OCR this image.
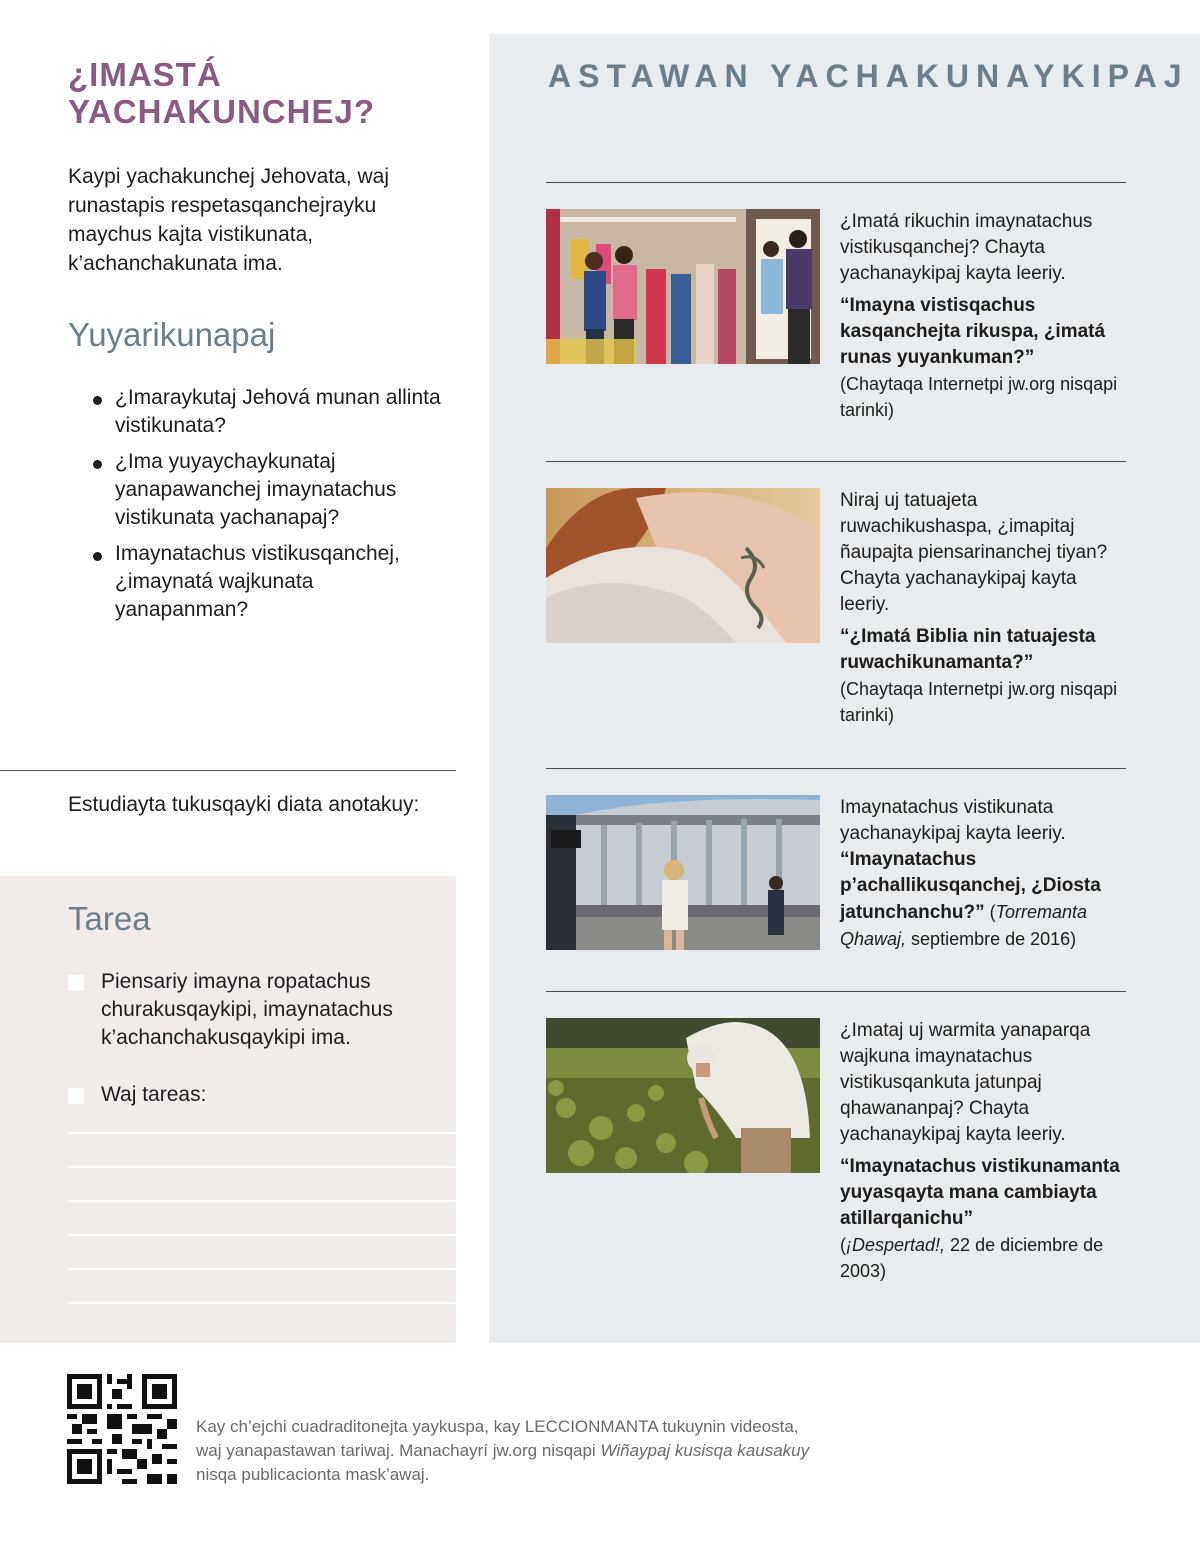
¿IMASTÁ YACHAKUNCHEJ?

Kaypi yachakunchej Jehovata, waj runastapis respetasqanchejrayku maychus kajta vistikunata, k’achanchakunata ima.

Yuyarikunapaj
¿Imaraykutaj Jehová munan allinta vistikunata?
¿Ima yuyaychaykunataj yanapawanchej imaynatachus vistikunata yachanapaj?
Imaynatachus vistikusqanchej, ¿imaynatá wajkunata yanapanman?

Estudiayta tukusqayki diata anotakuy:

Tarea
Piensariy imayna ropatachus churakusqaykipi, imaynatachus k’achanchakusqaykipi ima.
Waj tareas:
ASTAWAN YACHAKUNAYKIPAJ

¿Imatá rikuchin imaynatachus vistikusqanchej? Chayta yachanaykipaj kayta leeriy.

“Imayna vistisqachus kasqanchejta rikuspa, ¿imatá runas yuyankuman?”

(Chaytaqa Internetpi jw.org nisqapi tarinki)

Niraj uj tatuajeta ruwachikushaspa, ¿imapitaj ñaupajta piensarinanchej tiyan? Chayta yachanaykipaj kayta leeriy.

“¿Imatá Biblia nin tatuajesta ruwachikunamanta?”

(Chaytaqa Internetpi jw.org nisqapi tarinki)

Imaynatachus vistikunata yachanaykipaj kayta leeriy.

“Imaynatachus p’achallikusqanchej, ¿Diosta jatunchanchu?”

(Torremanta Qhawaj, septiembre de 2016)

¿Imataj uj warmita yanaparqa wajkuna imaynatachus vistikusqankuta jatunpaj qhawananpaj? Chayta yachanaykipaj kayta leeriy.

“Imaynatachus vistikunamanta yuyasqayta mana cambiayta atillarqanichu”

(¡Despertad!, 22 de diciembre de 2003)

Kay ch’ejchi cuadraditonejta yaykuspa, kay LECCIONMANTA tukuynin videosta, waj yanapastawan tariwaj. Manachayrí jw.org nisqapi Wiñaypaj kusisqa kausakuy nisqa publicacionta mask’awaj.
